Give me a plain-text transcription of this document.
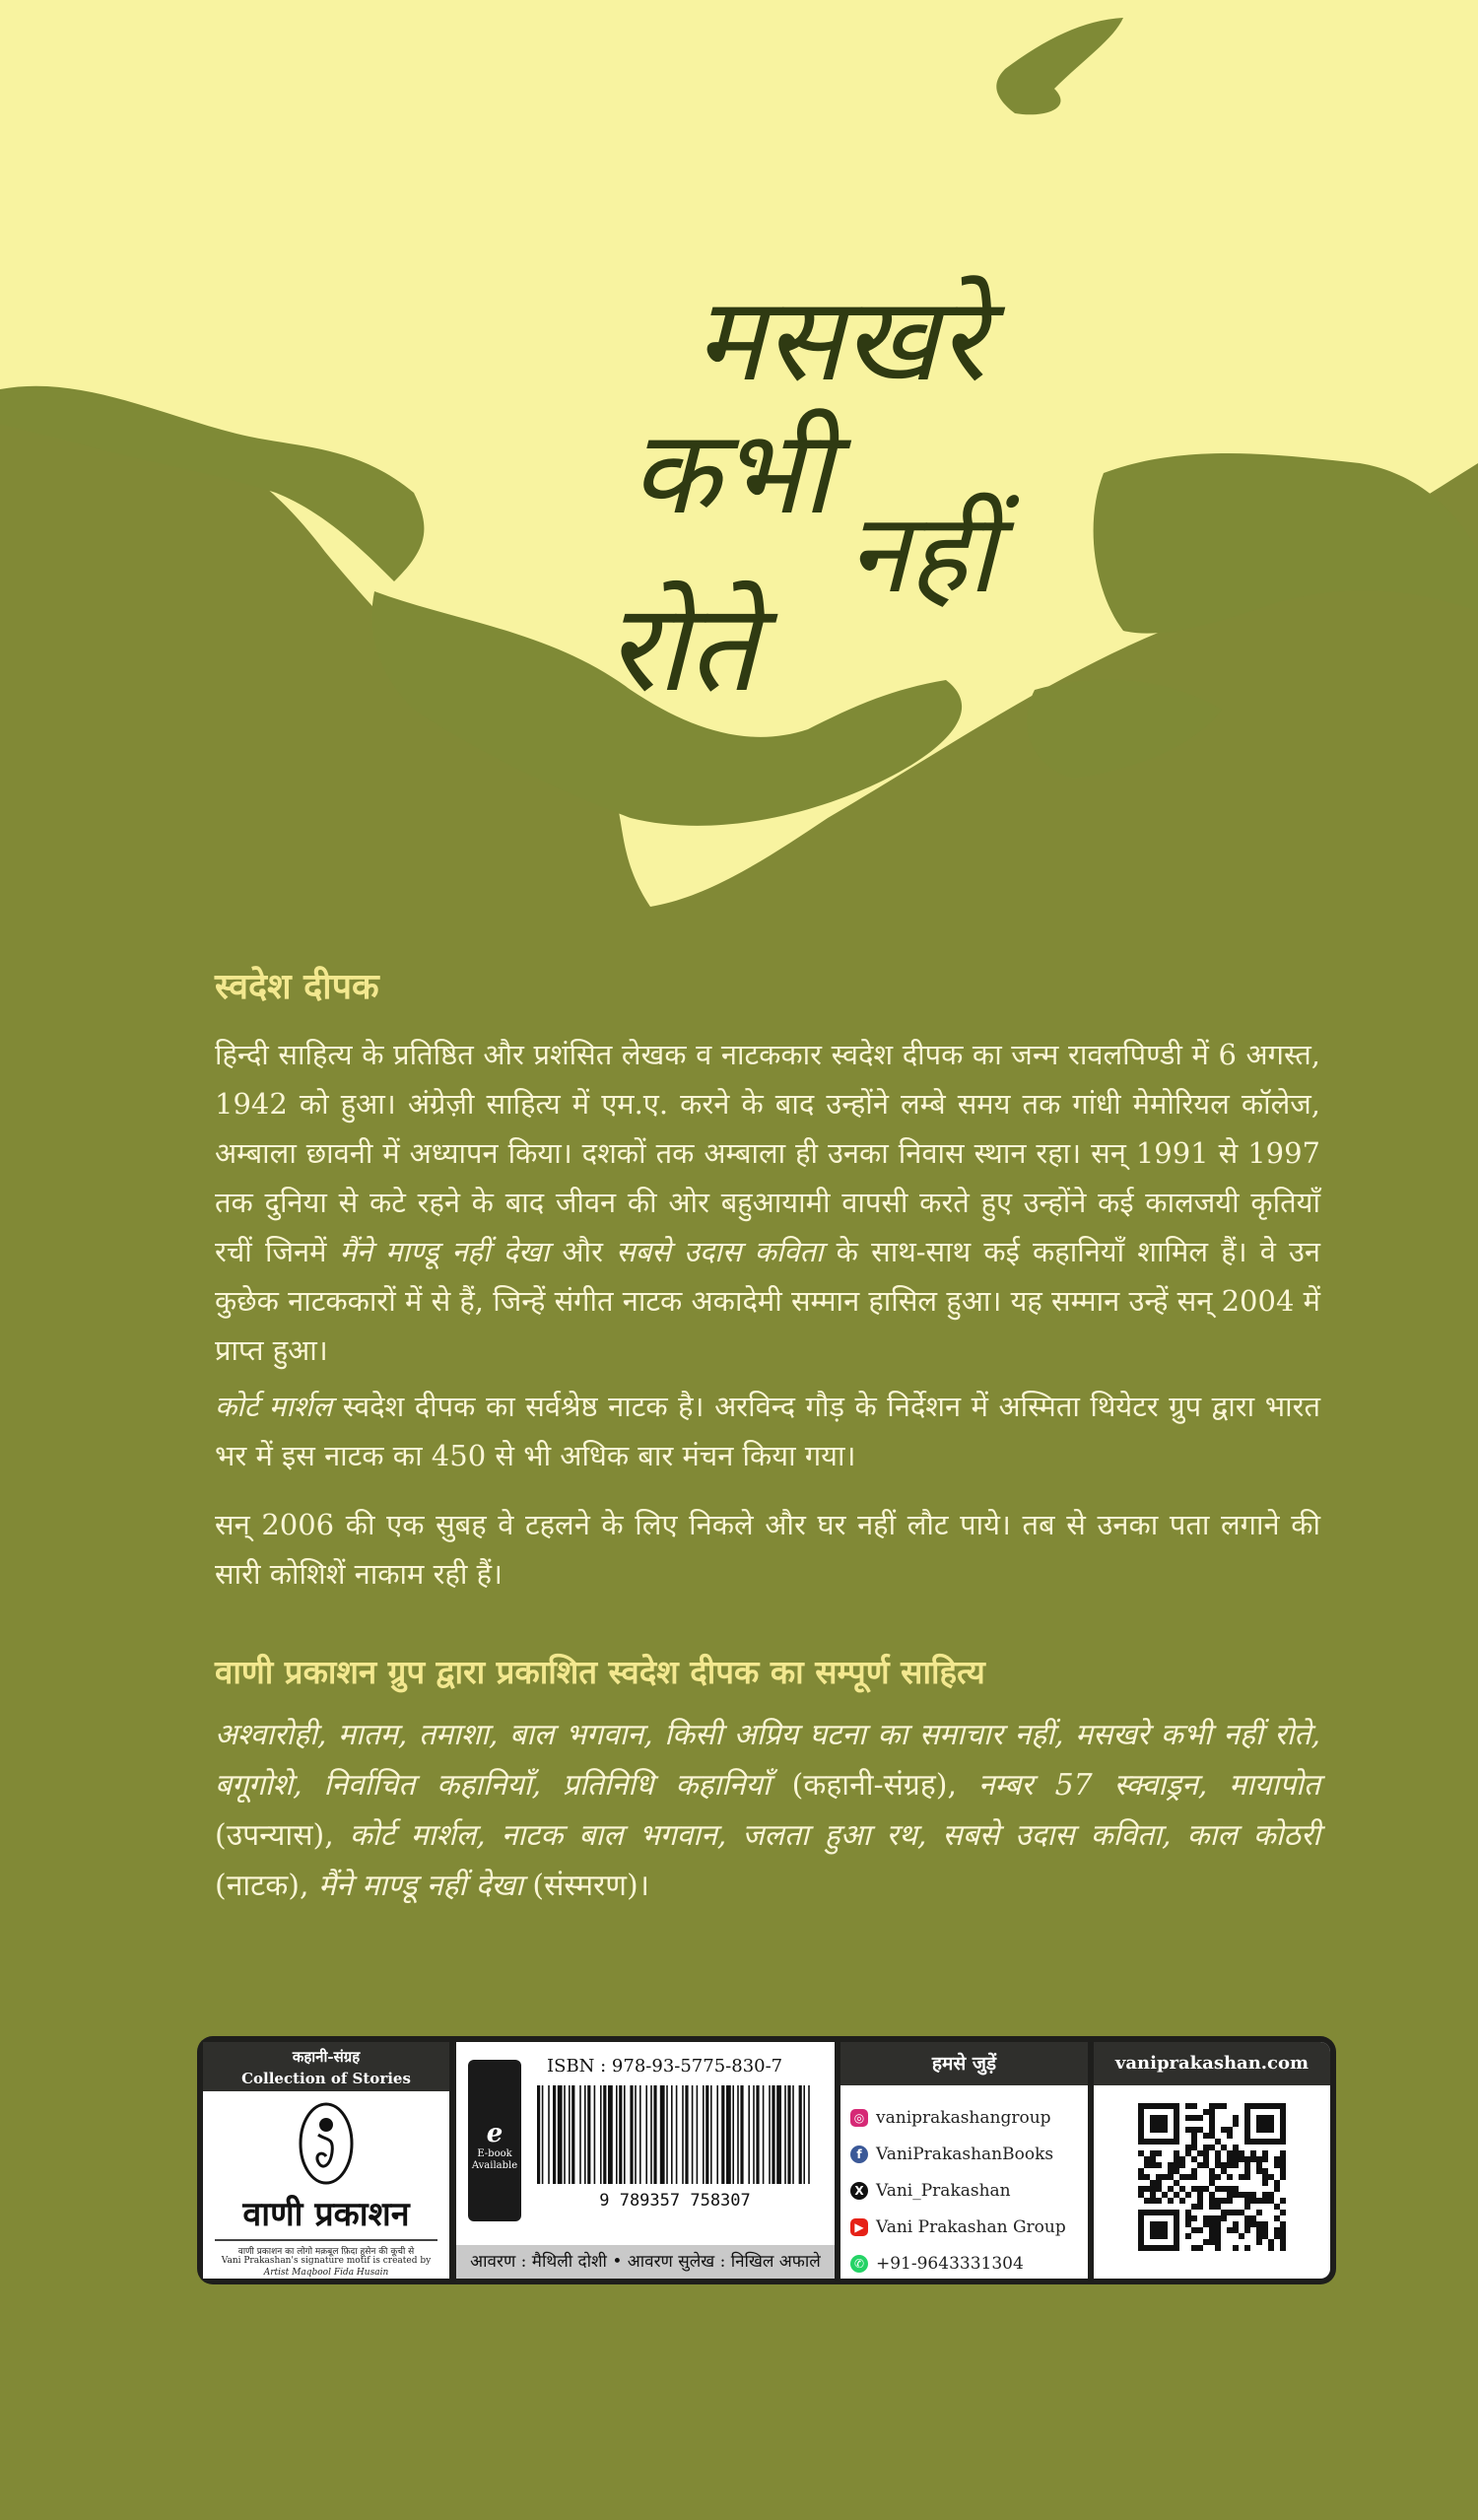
मसखरे
कभी
नहीं
रोते
स्वदेश दीपक

हिन्दी साहित्य के प्रतिष्ठित और प्रशंसित लेखक व नाटककार स्वदेश दीपक का जन्म रावलपिण्डी में 6 अगस्त, 1942 को हुआ। अंग्रेज़ी साहित्य में एम.ए. करने के बाद उन्होंने लम्बे समय तक गांधी मेमोरियल कॉलेज, अम्बाला छावनी में अध्यापन किया। दशकों तक अम्बाला ही उनका निवास स्थान रहा। सन् 1991 से 1997 तक दुनिया से कटे रहने के बाद जीवन की ओर बहुआयामी वापसी करते हुए उन्होंने कई कालजयी कृतियाँ रचीं जिनमें मैंने माण्डू नहीं देखा और सबसे उदास कविता के साथ-साथ कई कहानियाँ शामिल हैं। वे उन कुछेक नाटककारों में से हैं, जिन्हें संगीत नाटक अकादेमी सम्मान हासिल हुआ। यह सम्मान उन्हें सन् 2004 में प्राप्त हुआ।

कोर्ट मार्शल स्वदेश दीपक का सर्वश्रेष्ठ नाटक है। अरविन्द गौड़ के निर्देशन में अस्मिता थियेटर ग्रुप द्वारा भारत भर में इस नाटक का 450 से भी अधिक बार मंचन किया गया।

सन् 2006 की एक सुबह वे टहलने के लिए निकले और घर नहीं लौट पाये। तब से उनका पता लगाने की सारी कोशिशें नाकाम रही हैं।

वाणी प्रकाशन ग्रुप द्वारा प्रकाशित स्वदेश दीपक का सम्पूर्ण साहित्य

अश्वारोही, मातम, तमाशा, बाल भगवान, किसी अप्रिय घटना का समाचार नहीं, मसखरे कभी नहीं रोते, बगूगोशे, निर्वाचित कहानियाँ, प्रतिनिधि कहानियाँ (कहानी-संग्रह), नम्बर 57 स्क्वाड्रन, मायापोत (उपन्यास), कोर्ट मार्शल, नाटक बाल भगवान, जलता हुआ रथ, सबसे उदास कविता, काल कोठरी (नाटक), मैंने माण्डू नहीं देखा (संस्मरण)।

कहानी-संग्रह
Collection of Stories
वाणी प्रकाशन
वाणी प्रकाशन का लोगो मक़बूल फ़िदा हुसेन की कूची से
Vani Prakashan's signature motif is created by
Artist Maqbool Fida Husain
e
E-book
Available
ISBN : 978-93-5775-830-7
9 789357 758307
आवरण : मैथिली दोशी • आवरण सुलेख : निखिल अफाले
हमसे जुड़ें
◎ vaniprakashangroup
f VaniPrakashanBooks
X Vani_Prakashan
▶ Vani Prakashan Group
✆ +91-9643331304
vaniprakashan.com
